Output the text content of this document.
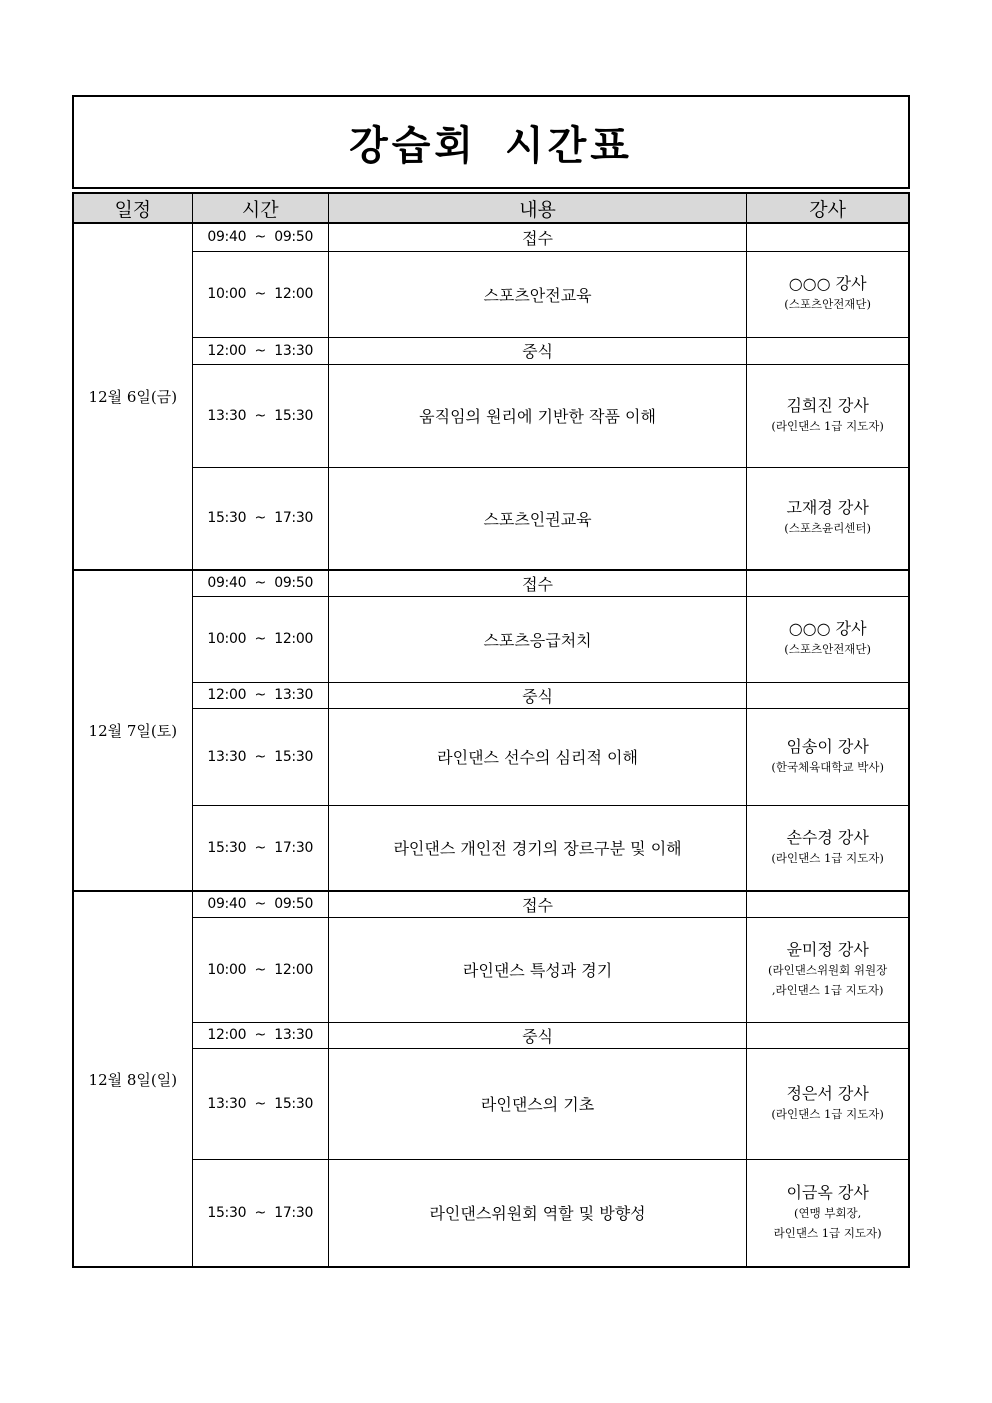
강습회 시간표
일정	시간	내용	강사
12월 6일(금)	09:40  ~  09:50	접수	
	10:00  ~  12:00	스포츠안전교육	○○○ 강사
(스포츠안전재단)

	12:00  ~  13:30	중식	
	13:30  ~  15:30	움직임의 원리에 기반한 작품 이해	김희진 강사
(라인댄스 1급 지도자)

	15:30  ~  17:30	스포츠인권교육	고재경 강사
(스포츠윤리센터)

12월 7일(토)	09:40  ~  09:50	접수	
	10:00  ~  12:00	스포츠응급처치	○○○ 강사
(스포츠안전재단)

	12:00  ~  13:30	중식	
	13:30  ~  15:30	라인댄스 선수의 심리적 이해	임송이 강사
(한국체육대학교 박사)

	15:30  ~  17:30	라인댄스 개인전 경기의 장르구분 및 이해	손수경 강사
(라인댄스 1급 지도자)

12월 8일(일)	09:40  ~  09:50	접수	
	10:00  ~  12:00	라인댄스 특성과 경기	윤미정 강사
(라인댄스위원회 위원장
,라인댄스 1급 지도자)

	12:00  ~  13:30	중식	
	13:30  ~  15:30	라인댄스의 기초	정은서 강사
(라인댄스 1급 지도자)

	15:30  ~  17:30	라인댄스위원회 역할 및 방향성	이금옥 강사
(연맹 부회장,
라인댄스 1급 지도자)
